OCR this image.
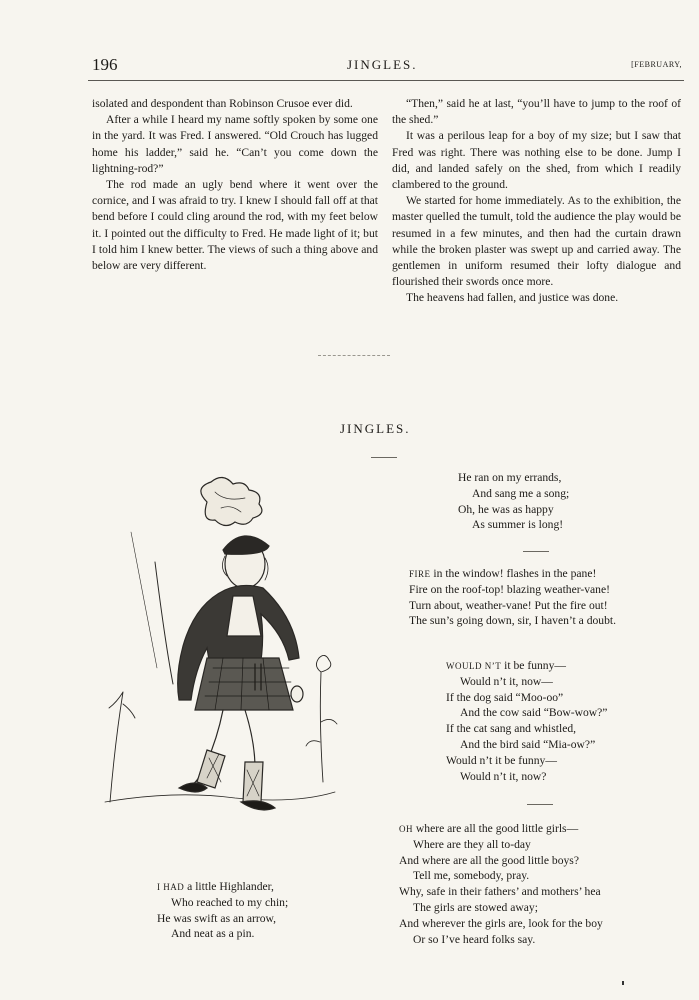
196	JINGLES.	[FEBRUARY,

isolated and despondent than Robinson Crusoe ever did.

After a while I heard my name softly spoken by some one in the yard. It was Fred. I answered. “Old Crouch has lugged home his ladder,” said he. “Can’t you come down the lightning-rod?”

The rod made an ugly bend where it went over the cornice, and I was afraid to try. I knew I should fall off at that bend before I could cling around the rod, with my feet below it. I pointed out the difficulty to Fred. He made light of it; but I told him I knew better. The views of such a thing above and below are very different.

“Then,” said he at last, “you’ll have to jump to the roof of the shed.”

It was a perilous leap for a boy of my size; but I saw that Fred was right. There was nothing else to be done. Jump I did, and landed safely on the shed, from which I readily clambered to the ground.

We started for home immediately. As to the exhibition, the master quelled the tumult, told the audience the play would be resumed in a few minutes, and then had the curtain drawn while the broken plaster was swept up and carried away. The gentlemen in uniform resumed their lofty dialogue and flourished their swords once more.

The heavens had fallen, and justice was done.

JINGLES.
I HAD a little Highlander,
Who reached to my chin;
He was swift as an arrow,
And neat as a pin.
He ran on my errands,
And sang me a song;
Oh, he was as happy
As summer is long!
FIRE in the window! flashes in the pane!
Fire on the roof-top! blazing weather-vane!
Turn about, weather-vane! Put the fire out!
The sun’s going down, sir, I haven’t a doubt.
WOULD N’T it be funny—
Would n’t it, now—
If the dog said “Moo-oo”
And the cow said “Bow-wow?”
If the cat sang and whistled,
And the bird said “Mia-ow?”
Would n’t it be funny—
Would n’t it, now?
OH where are all the good little girls—
Where are they all to-day
And where are all the good little boys?
Tell me, somebody, pray.
Why, safe in their fathers’ and mothers’ hea
The girls are stowed away;
And wherever the girls are, look for the boy
Or so I’ve heard folks say.
